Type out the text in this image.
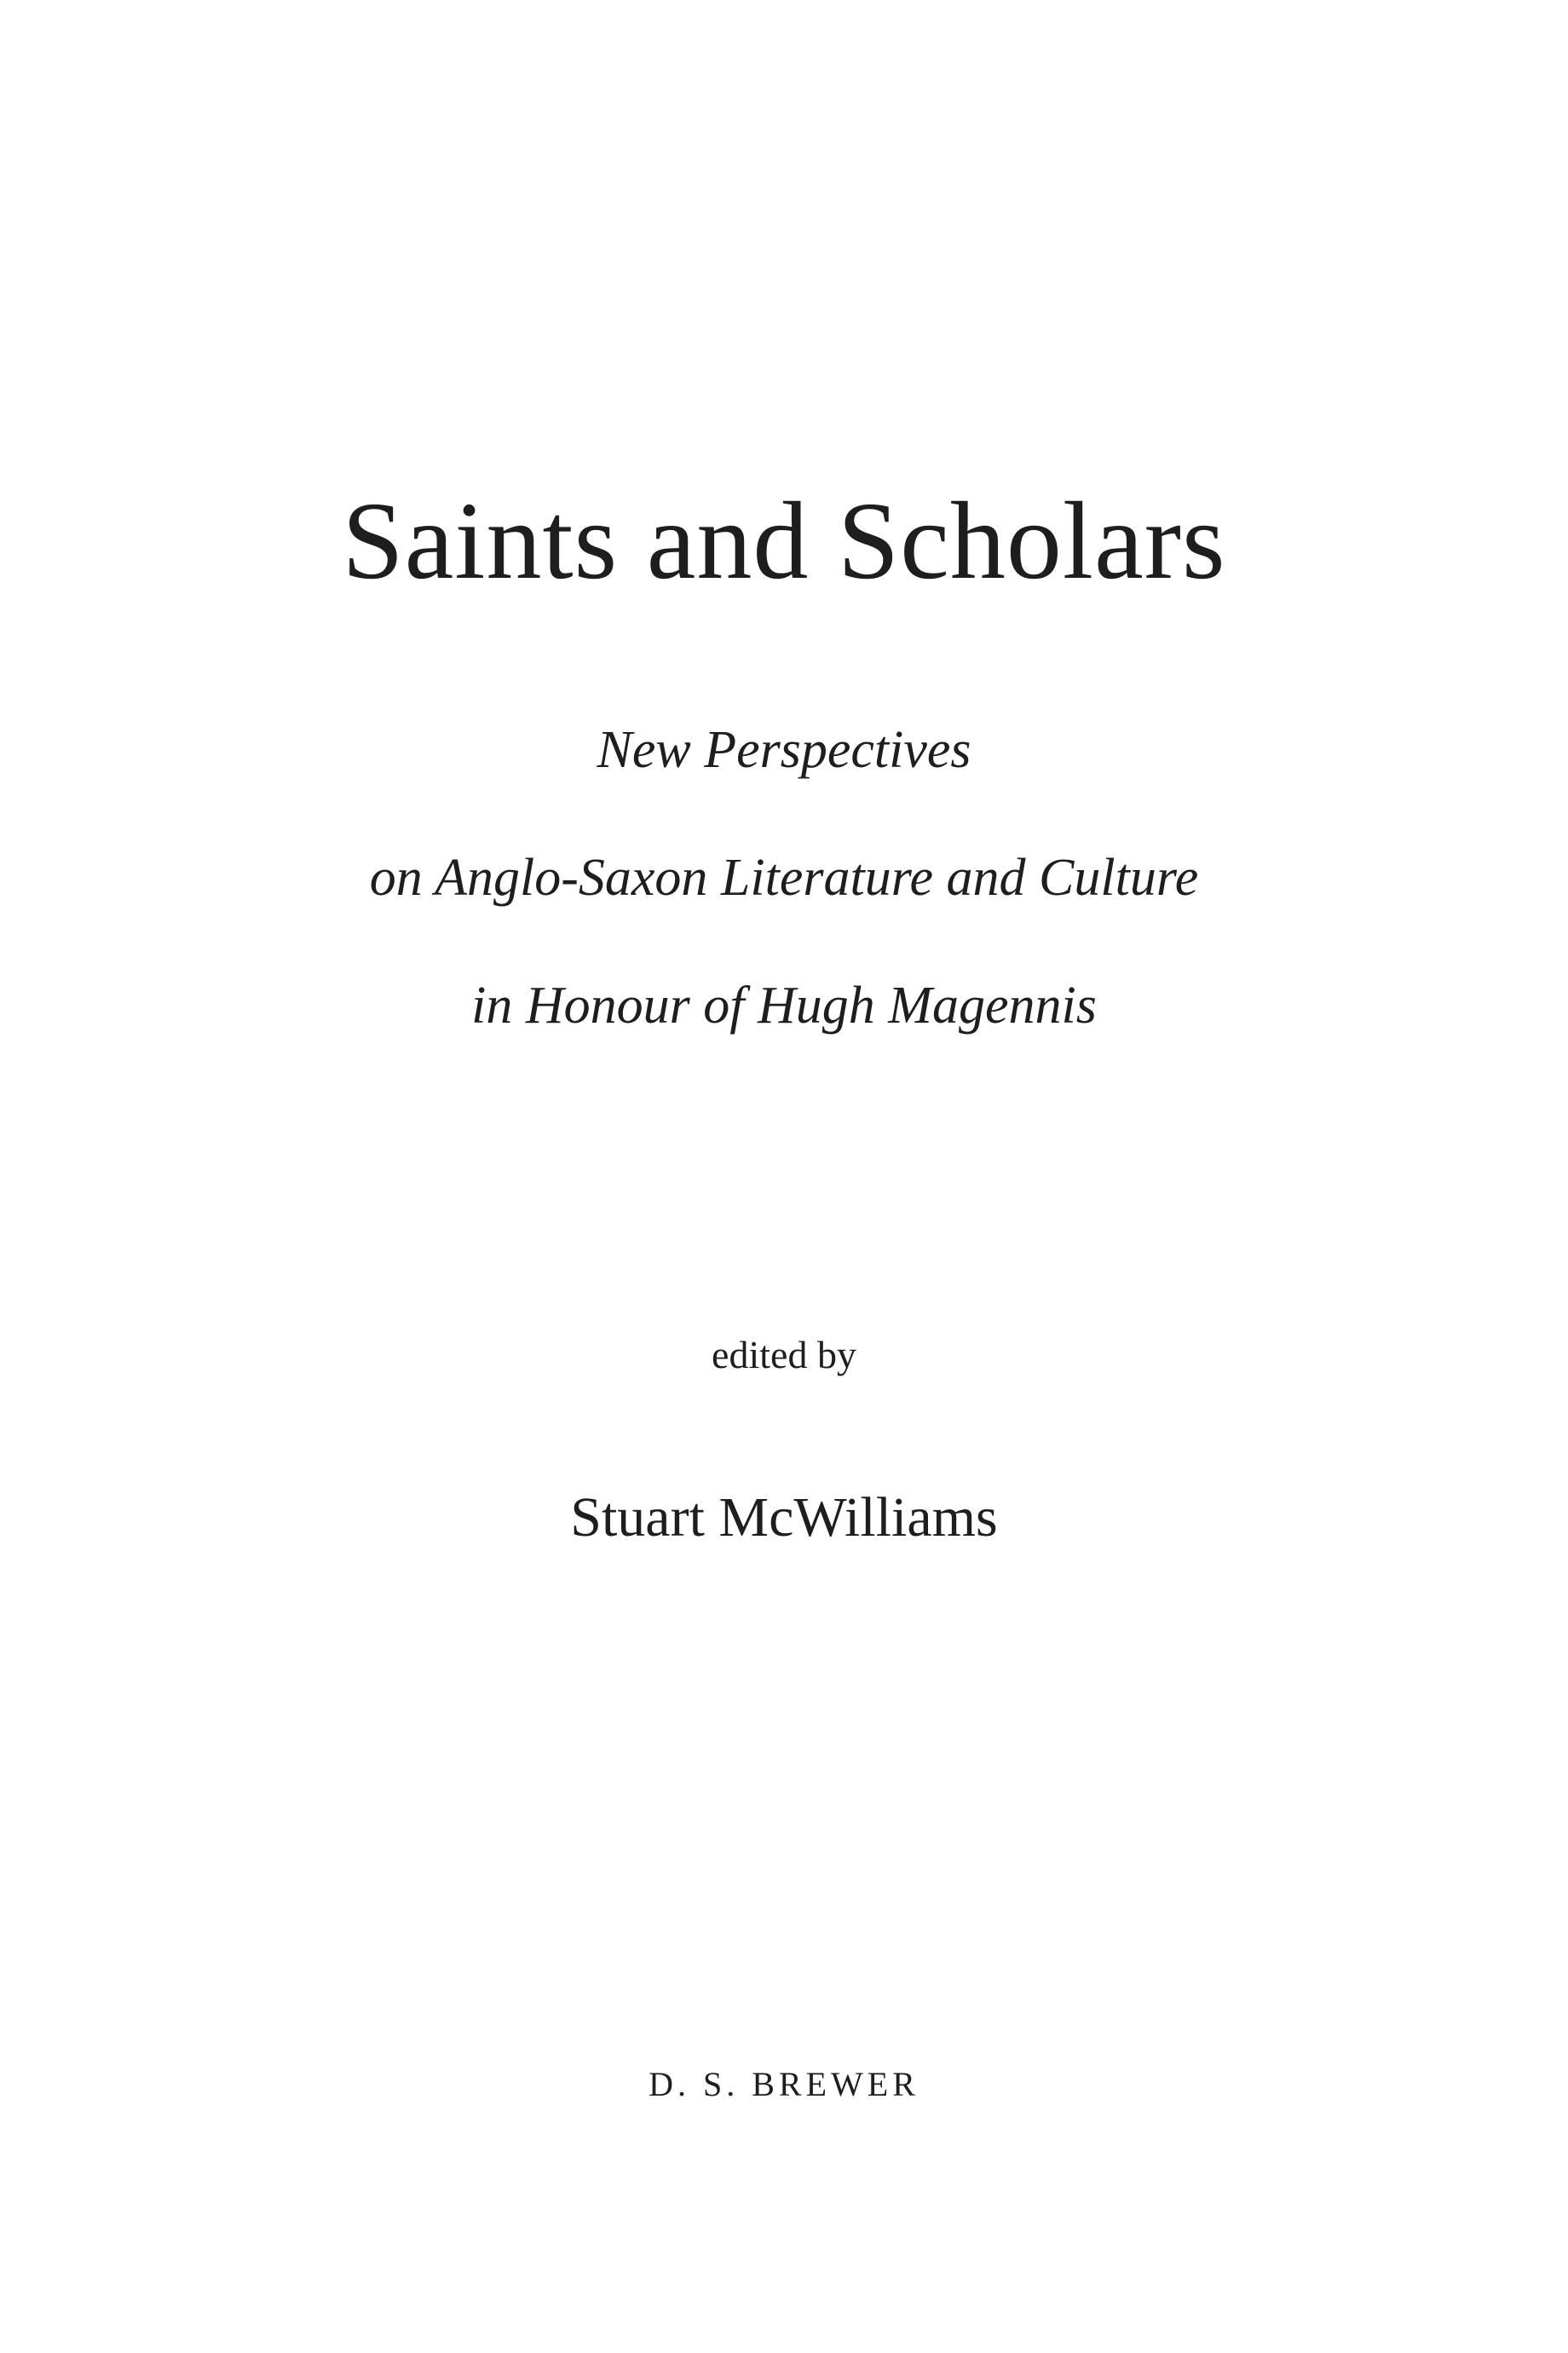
Saints and Scholars
New Perspectives
on Anglo-Saxon Literature and Culture
in Honour of Hugh Magennis
edited by
Stuart McWilliams
D. S. BREWER
